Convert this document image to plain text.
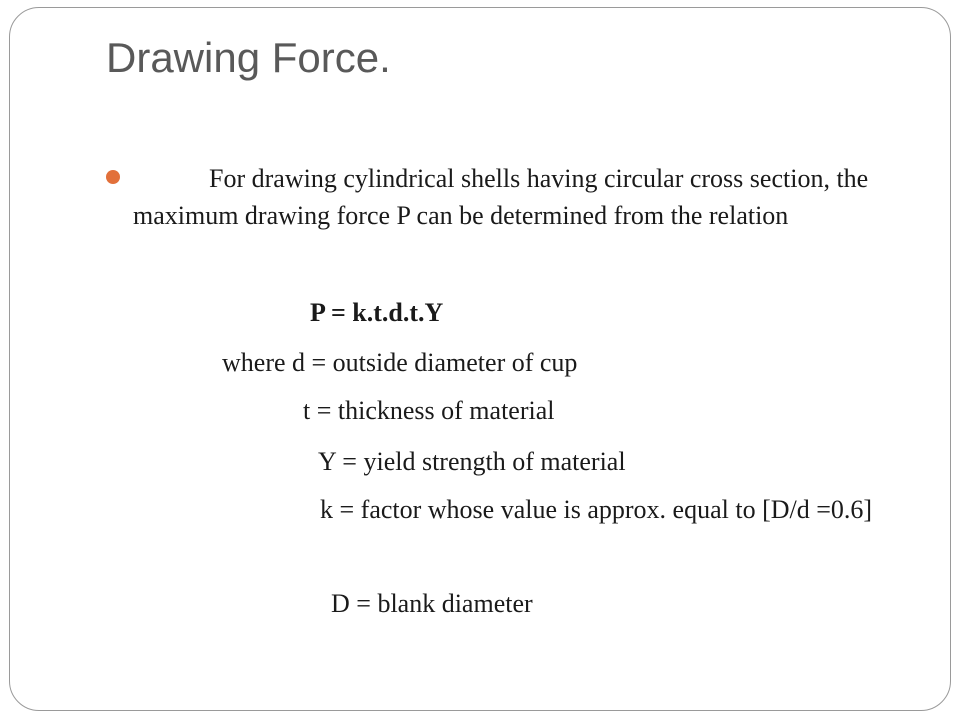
Drawing Force.

For drawing cylindrical shells having circular cross section, the maximum drawing force P can be determined from the relation

P = k.t.d.t.Y

where d = outside diameter of cup

t = thickness of material

Y = yield strength of material

k = factor whose value is approx. equal to [D/d =0.6]

D = blank diameter
